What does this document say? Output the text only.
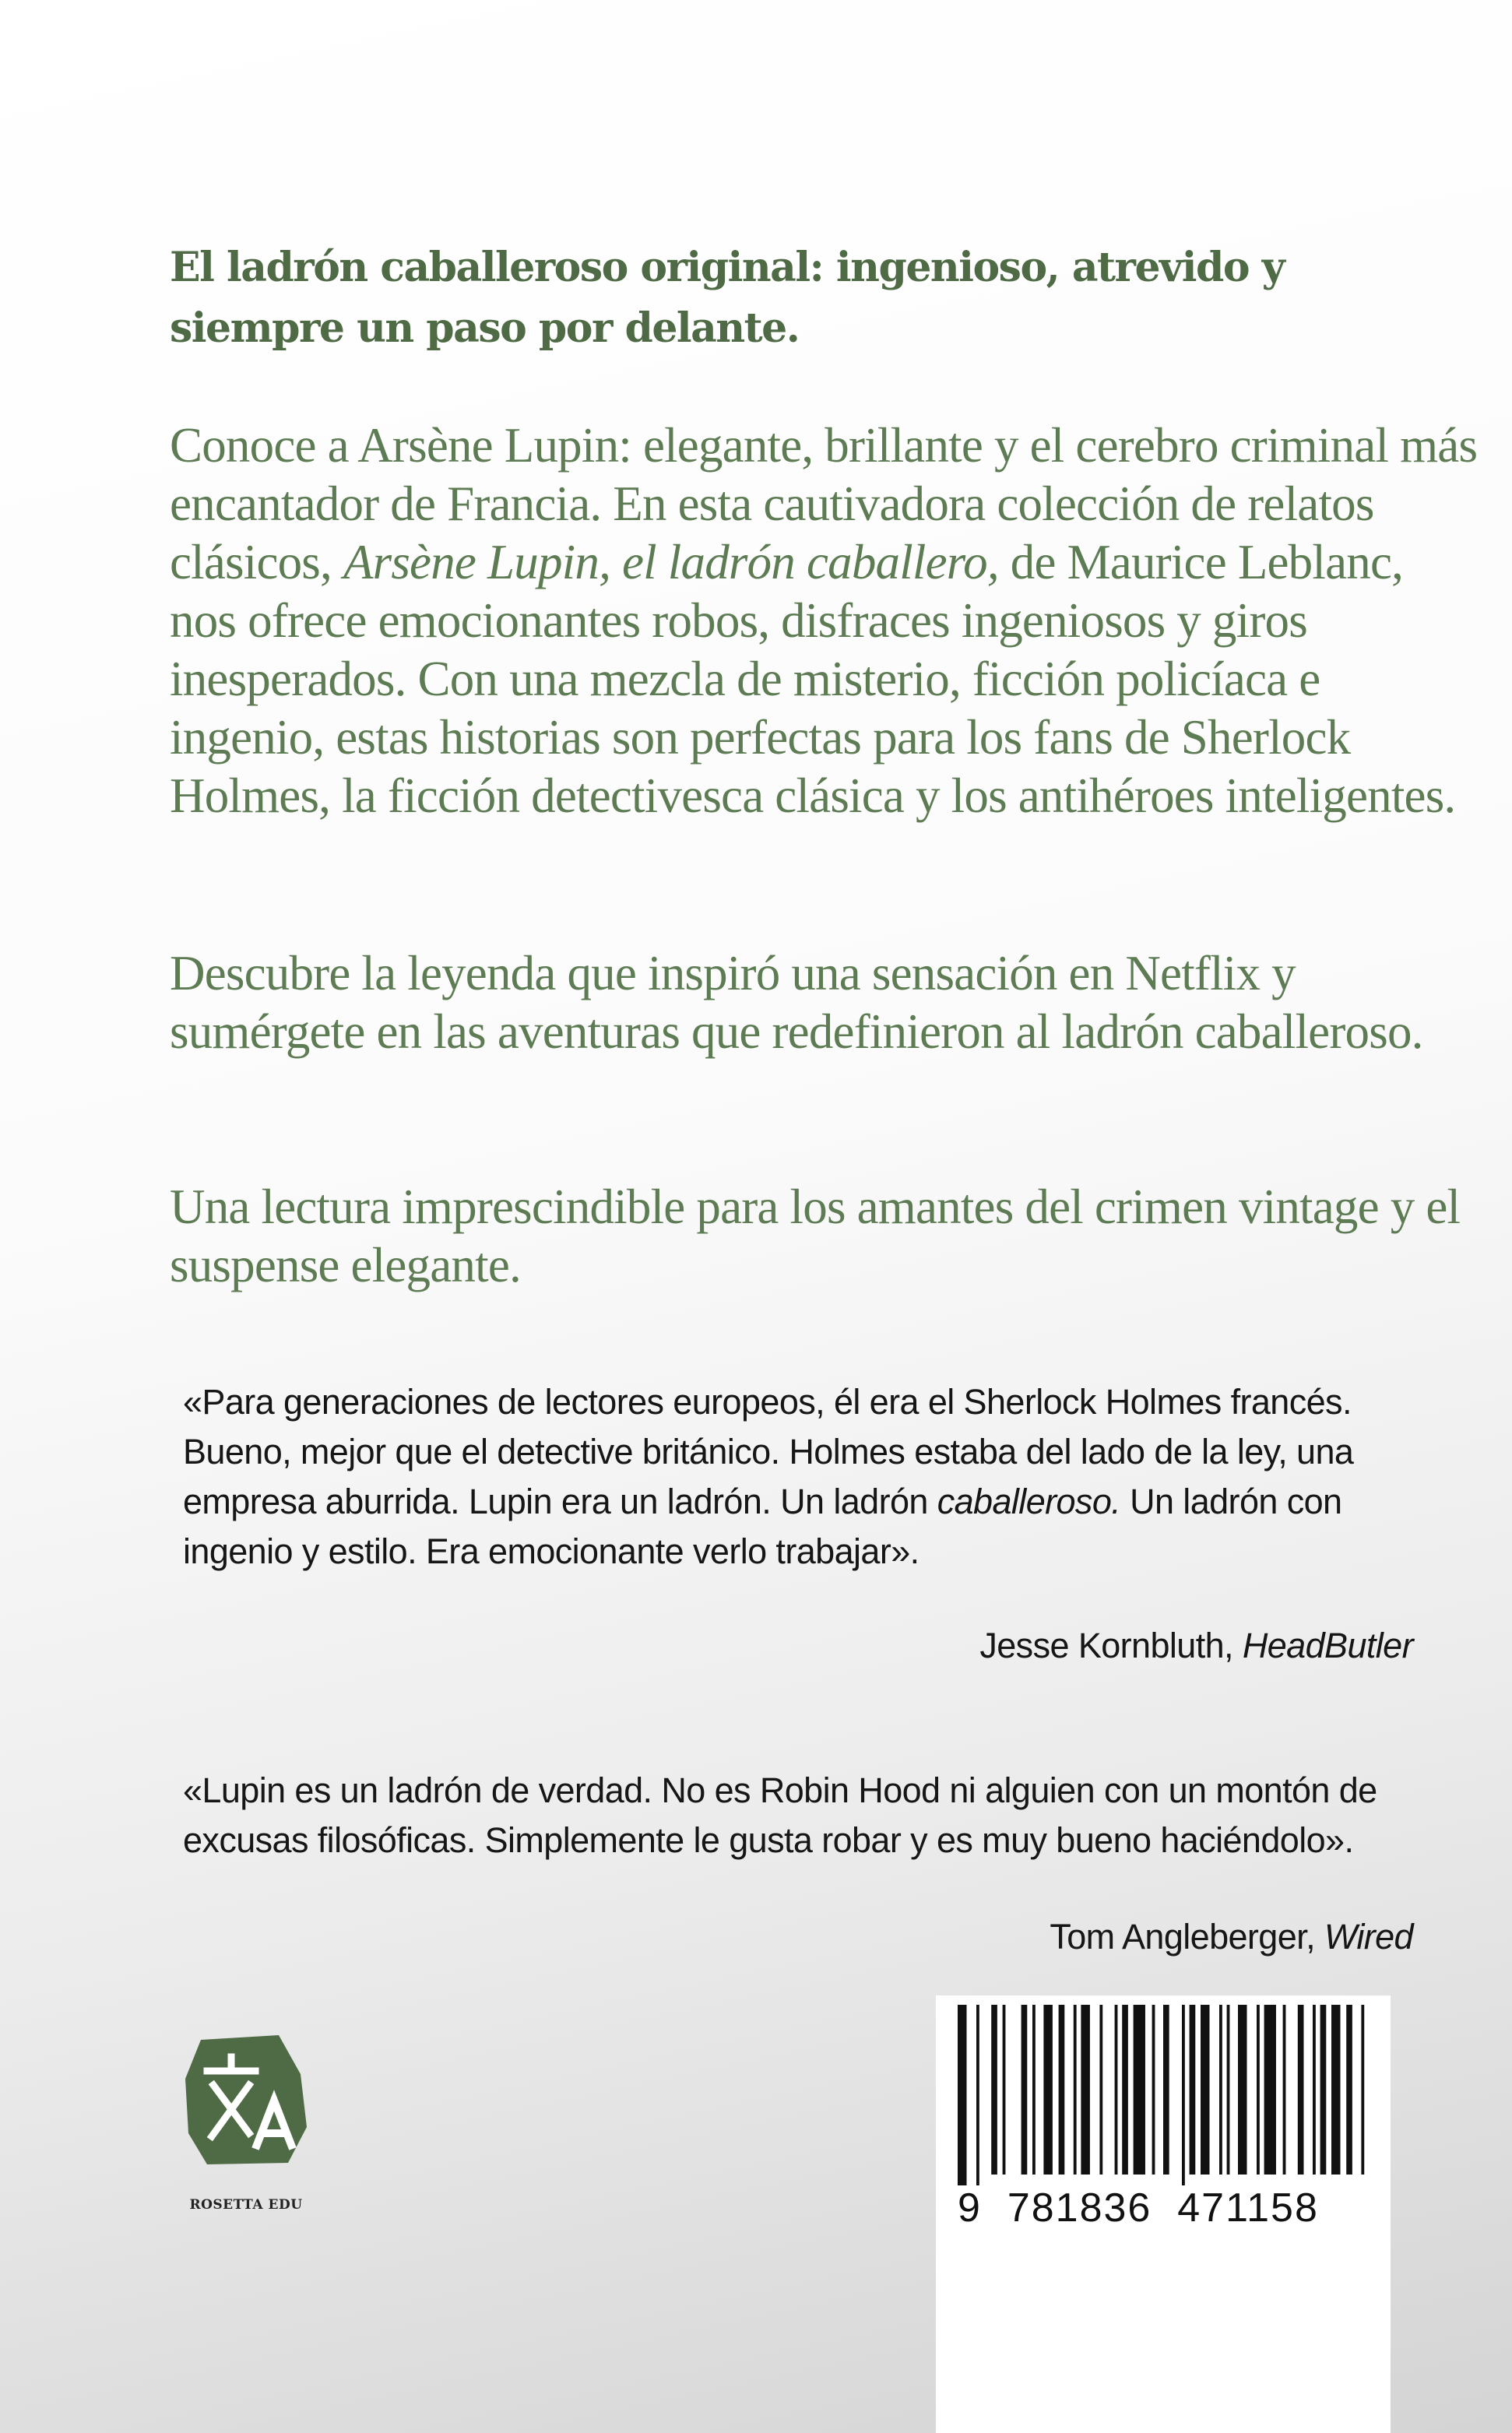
El ladrón caballeroso original: ingenioso, atrevido y siempre un paso por delante.

Conoce a Arsène Lupin: elegante, brillante y el cerebro criminal más encantador de Francia. En esta cautivadora colección de relatos clásicos, Arsène Lupin, el ladrón caballero, de Maurice Leblanc, nos ofrece emocionantes robos, disfraces ingeniosos y giros inesperados. Con una mezcla de misterio, ficción policíaca e ingenio, estas historias son perfectas para los fans de Sherlock Holmes, la ficción detectivesca clásica y los antihéroes inteligentes.

Descubre la leyenda que inspiró una sensación en Netflix y sumérgete en las aventuras que redefinieron al ladrón caballeroso.

Una lectura imprescindible para los amantes del crimen vintage y el suspense elegante.

«Para generaciones de lectores europeos, él era el Sherlock Holmes francés. Bueno, mejor que el detective británico. Holmes estaba del lado de la ley, una empresa aburrida. Lupin era un ladrón. Un ladrón caballeroso. Un ladrón con ingenio y estilo. Era emocionante verlo trabajar».

Jesse Kornbluth, HeadButler

«Lupin es un ladrón de verdad. No es Robin Hood ni alguien con un montón de excusas filosóficas. Simplemente le gusta robar y es muy bueno haciéndolo».

Tom Angleberger, Wired

ROSETTA EDU	9  781836  471158
